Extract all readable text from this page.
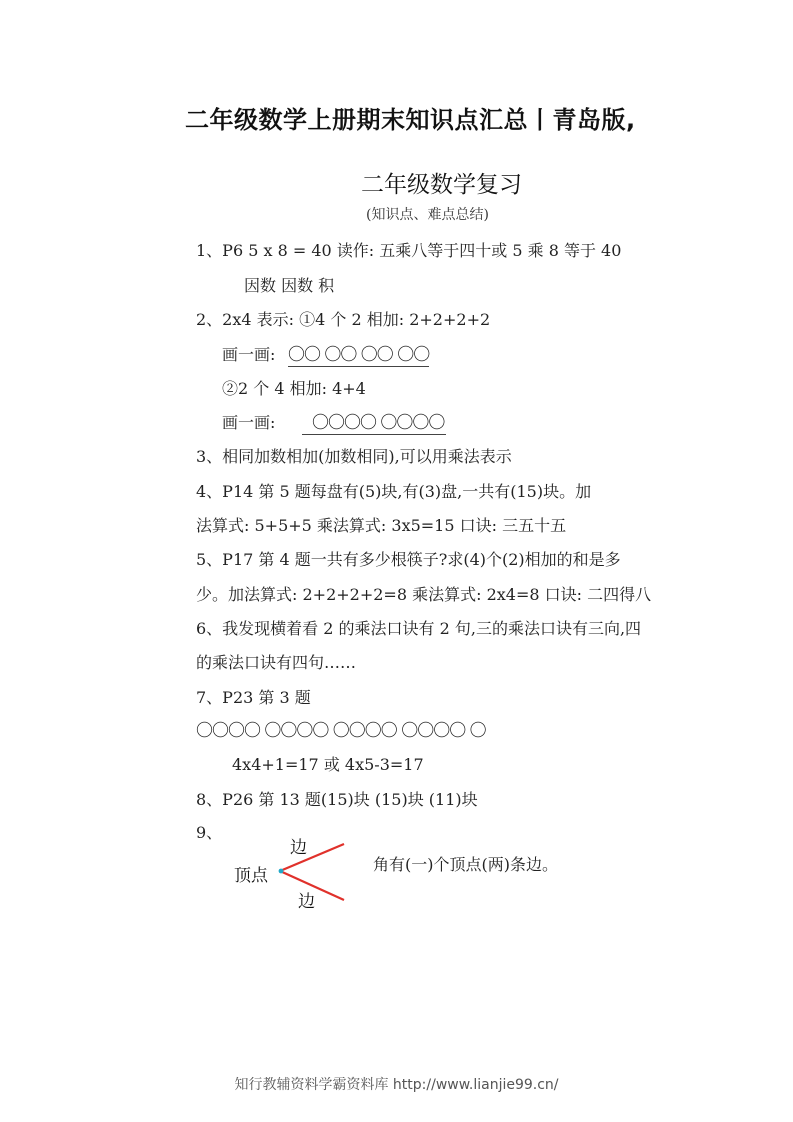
二年级数学上册期末知识点汇总丨青岛版,
二年级数学复习
(知识点、难点总结)
1、P6 5 x 8 = 40 读作: 五乘八等于四十或 5 乘 8 等于 40
因数 因数 积
2、2x4 表示: ①4 个 2 相加: 2+2+2+2
画一画: 〇〇 〇〇 〇〇 〇〇
②2 个 4 相加: 4+4
画一画:	〇〇〇〇 〇〇〇〇
3、相同加数相加(加数相同),可以用乘法表示
4、P14 第 5 题每盘有(5)块,有(3)盘,一共有(15)块。加
法算式: 5+5+5 乘法算式: 3x5=15 口诀: 三五十五
5、P17 第 4 题一共有多少根筷子?求(4)个(2)相加的和是多
少。加法算式: 2+2+2+2=8 乘法算式: 2x4=8 口诀: 二四得八
6、我发现横着看 2 的乘法口诀有 2 句,三的乘法口诀有三向,四
的乘法口诀有四句……
7、P23 第 3 题
〇〇〇〇 〇〇〇〇 〇〇〇〇 〇〇〇〇 〇
4x4+1=17 或 4x5-3=17
8、P26 第 13 题(15)块 (15)块 (11)块
9、
顶点
边
边
角有(一)个顶点(两)条边。
知行教辅资料学霸资料库 http://www.lianjie99.cn/
